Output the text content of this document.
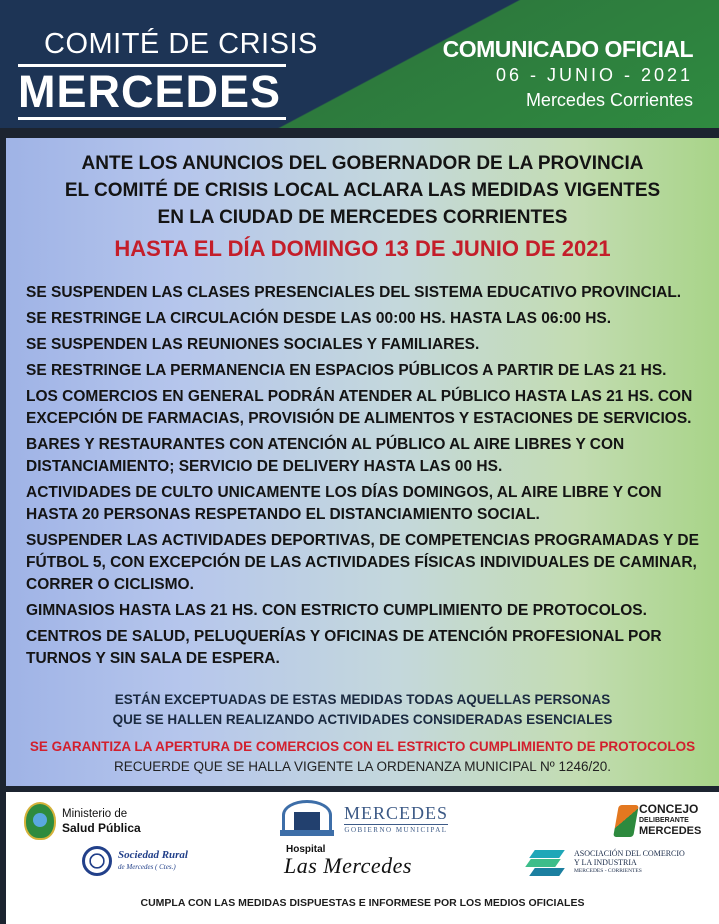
COMITÉ DE CRISIS
MERCEDES
COMUNICADO OFICIAL
06 - JUNIO - 2021
Mercedes Corrientes
ANTE LOS ANUNCIOS DEL GOBERNADOR DE LA PROVINCIA
EL COMITÉ DE CRISIS LOCAL ACLARA LAS MEDIDAS VIGENTES
EN LA CIUDAD DE MERCEDES CORRIENTES
HASTA EL DÍA DOMINGO 13 DE JUNIO DE 2021
SE SUSPENDEN LAS CLASES PRESENCIALES DEL SISTEMA EDUCATIVO PROVINCIAL.
SE RESTRINGE LA CIRCULACIÓN DESDE LAS 00:00 HS. HASTA LAS 06:00 HS.
SE SUSPENDEN LAS REUNIONES SOCIALES Y FAMILIARES.
SE RESTRINGE LA PERMANENCIA EN ESPACIOS PÚBLICOS A PARTIR DE LAS 21 HS.
LOS COMERCIOS EN GENERAL PODRÁN ATENDER AL PÚBLICO HASTA LAS 21 HS. CON EXCEPCIÓN DE FARMACIAS, PROVISIÓN DE ALIMENTOS Y ESTACIONES DE SERVICIOS.
BARES Y RESTAURANTES CON ATENCIÓN AL PÚBLICO AL AIRE LIBRES Y CON DISTANCIAMIENTO; SERVICIO DE DELIVERY HASTA LAS 00 HS.
ACTIVIDADES DE CULTO UNICAMENTE LOS DÍAS DOMINGOS, AL AIRE LIBRE Y CON HASTA 20 PERSONAS RESPETANDO EL DISTANCIAMIENTO SOCIAL.
SUSPENDER LAS ACTIVIDADES DEPORTIVAS, DE COMPETENCIAS PROGRAMADAS Y DE FÚTBOL 5, CON EXCEPCIÓN DE LAS ACTIVIDADES FÍSICAS INDIVIDUALES DE CAMINAR, CORRER O CICLISMO.
GIMNASIOS HASTA LAS 21 HS. CON ESTRICTO CUMPLIMIENTO DE PROTOCOLOS.
CENTROS DE SALUD, PELUQUERÍAS Y OFICINAS DE ATENCIÓN PROFESIONAL POR TURNOS Y SIN SALA DE ESPERA.
ESTÁN EXCEPTUADAS DE ESTAS MEDIDAS TODAS AQUELLAS PERSONAS
QUE SE HALLEN REALIZANDO ACTIVIDADES CONSIDERADAS ESENCIALES
SE GARANTIZA LA APERTURA DE COMERCIOS CON EL ESTRICTO CUMPLIMIENTO DE PROTOCOLOS
RECUERDE QUE SE HALLA VIGENTE LA ORDENANZA MUNICIPAL Nº 1246/20.
Ministerio de
Salud Pública
MERCEDES
GOBIERNO MUNICIPAL
CONCEJO
DELIBERANTE
MERCEDES
Sociedad Rural
de Mercedes ( Ctes.)
Hospital
Las Mercedes	ASOCIACIÓN DEL COMERCIO
Y LA INDUSTRIA
MERCEDES - CORRIENTES
CUMPLA CON LAS MEDIDAS DISPUESTAS E INFORMESE POR LOS MEDIOS OFICIALES
